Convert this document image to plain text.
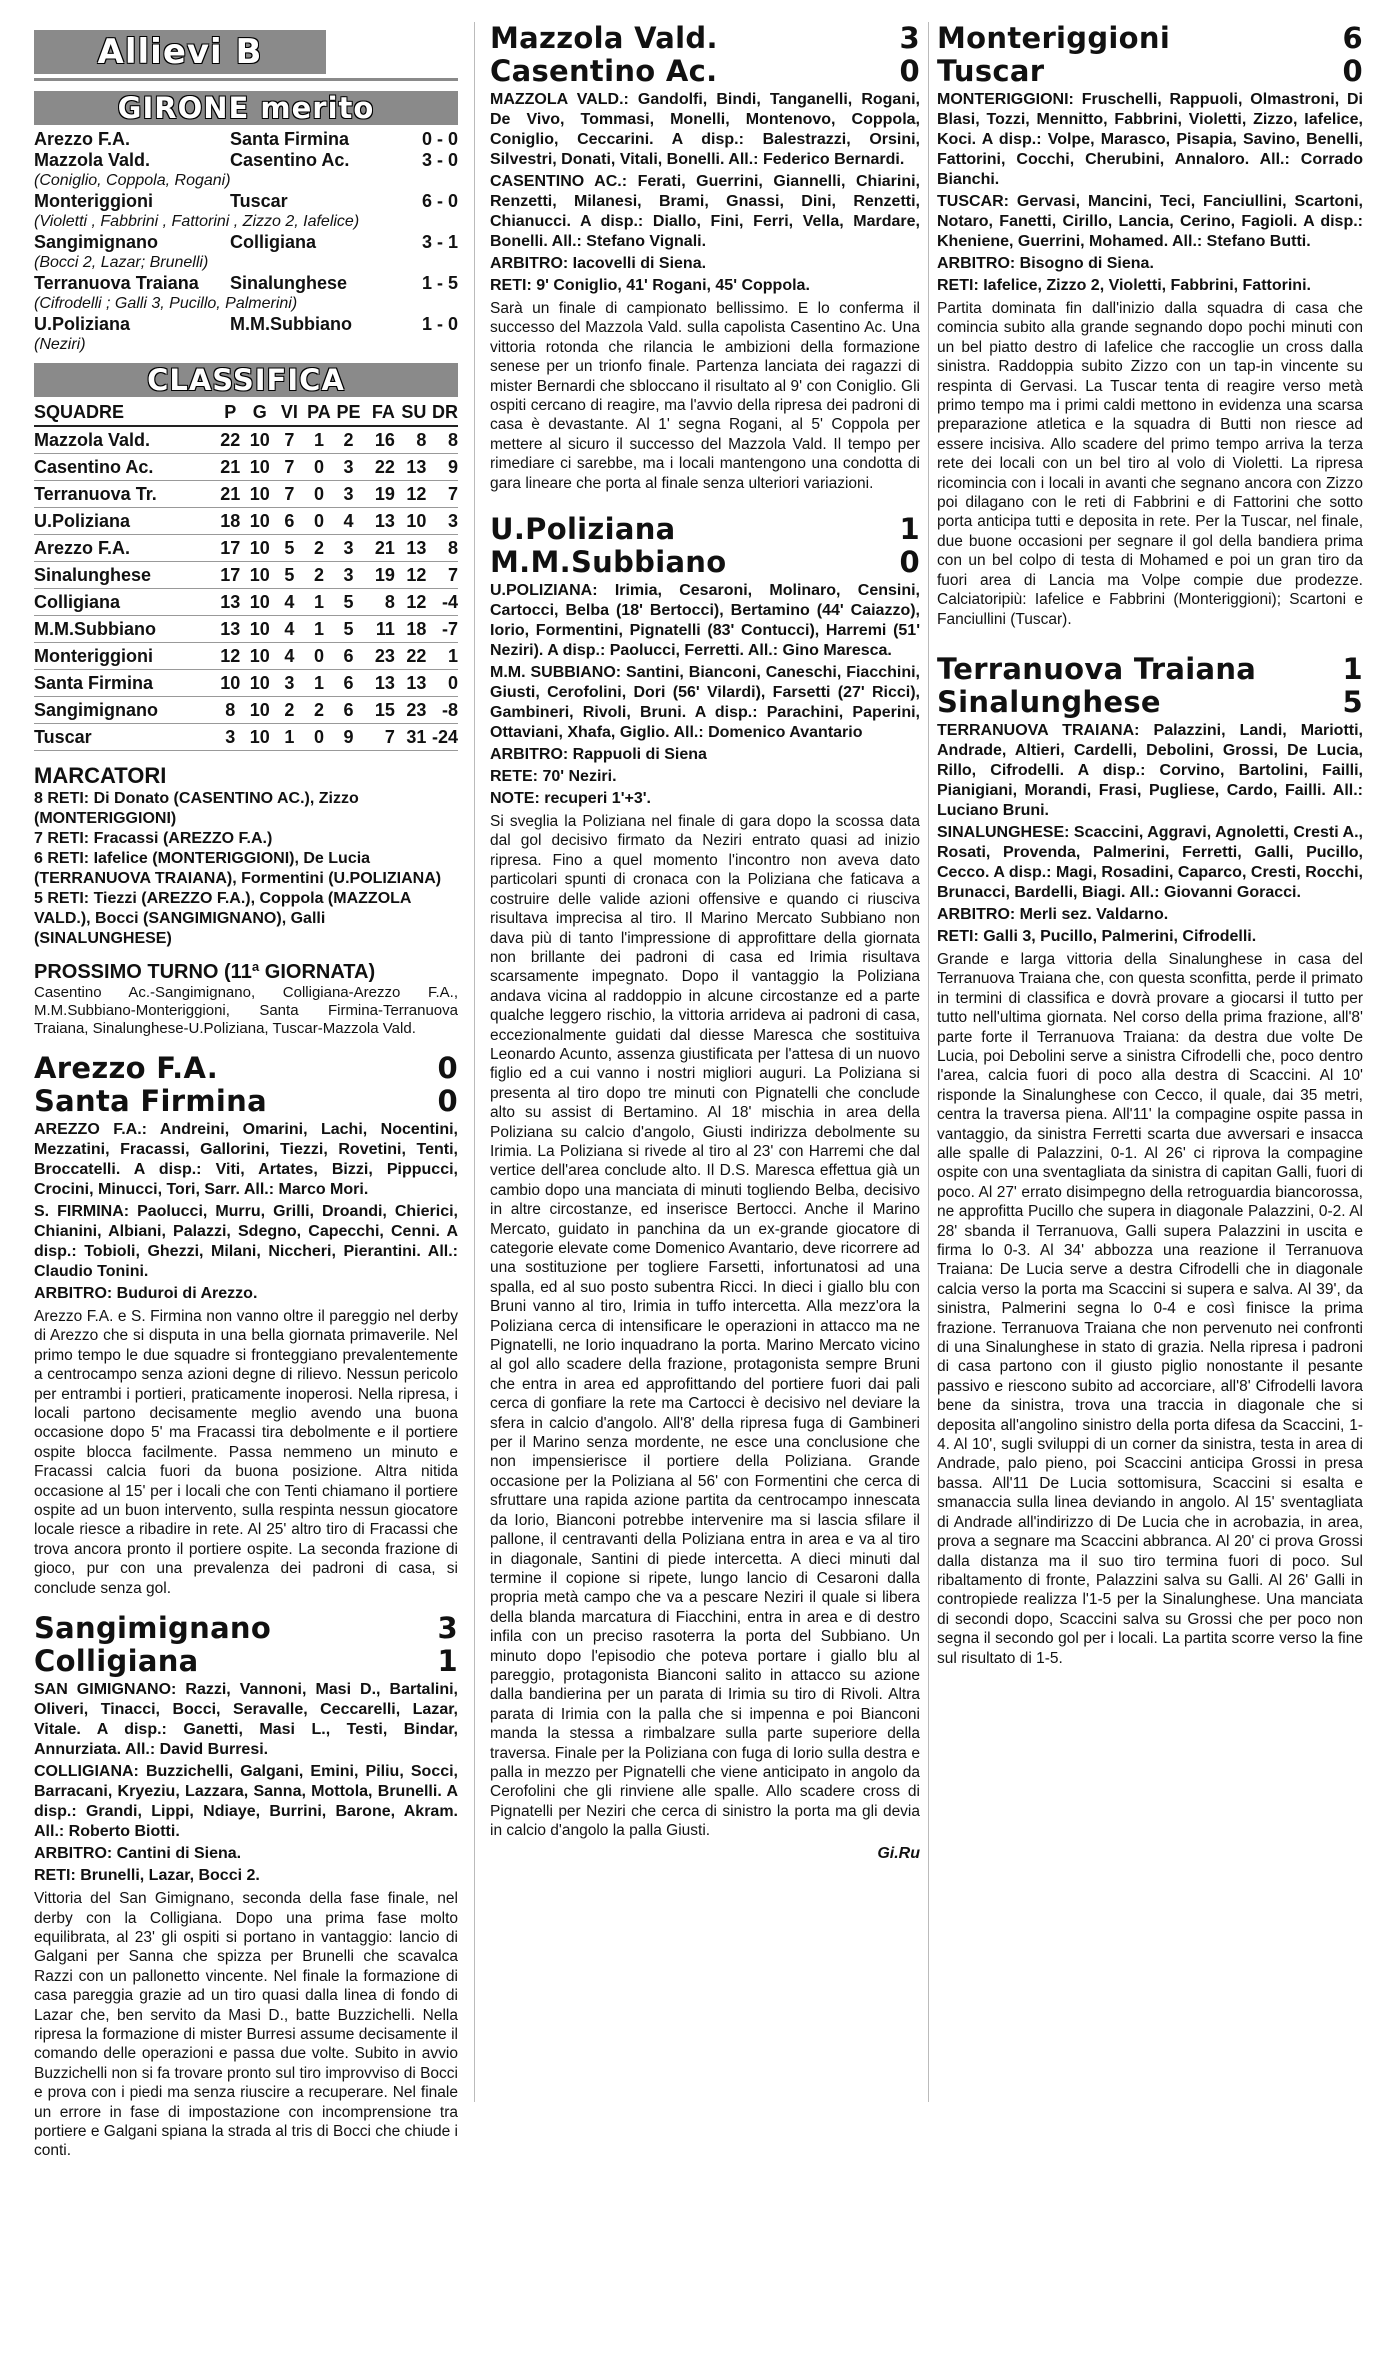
Allievi B
GIRONE merito
Arezzo F.A.	Santa Firmina	0 - 0
Mazzola Vald.	Casentino Ac.	3 - 0
(Coniglio, Coppola, Rogani)
Monteriggioni	Tuscar	6 - 0
(Violetti , Fabbrini , Fattorini , Zizzo 2, Iafelice)
Sangimignano	Colligiana	3 - 1
(Bocci 2, Lazar; Brunelli)
Terranuova Traiana	Sinalunghese	1 - 5
(Cifrodelli ; Galli 3, Pucillo, Palmerini)
U.Poliziana	M.M.Subbiano	1 - 0
(Neziri)
CLASSIFICA
SQUADRE	P G VI PA PE FA SU DR
Mazzola Vald.	22 10 7	1	2	16	8	8
Casentino Ac.	21 10 7	0	3	22 13	9
Terranuova Tr.	21 10 7	0	3	19 12	7
U.Poliziana	18 10 6	0	4	13 10	3
Arezzo F.A.	17 10 5	2	3	21 13	8
Sinalunghese	17 10 5	2	3	19 12	7
Colligiana	13 10 4	1	5	8 12 -4
M.M.Subbiano	13 10 4	1	5	11 18 -7
Monteriggioni	12 10 4	0	6	23 22	1
Santa Firmina	10 10 3	1	6	13 13	0
Sangimignano	8 10 2	2	6	15 23 -8
Tuscar	3 10 1	0	9	7 31 -24
MARCATORI
8 RETI: Di Donato (CASENTINO AC.), Zizzo (MONTERIGGIONI)
7 RETI: Fracassi (AREZZO F.A.)
6 RETI: Iafelice (MONTERIGGIONI), De Lucia (TERRANUOVA TRAIANA), Formentini (U.POLIZIANA)
5 RETI: Tiezzi (AREZZO F.A.), Coppola (MAZZOLA VALD.), Bocci (SANGIMIGNANO), Galli (SINALUNGHESE)
PROSSIMO TURNO (11ª GIORNATA)
Casentino Ac.-Sangimignano, Colligiana-Arezzo F.A., M.M.Subbiano-Monteriggioni, Santa Firmina-Terranuova Traiana, Sinalunghese-U.Poliziana, Tuscar-Mazzola Vald.
Arezzo F.A.	0
Santa Firmina	0
AREZZO F.A.: Andreini, Omarini, Lachi, Nocentini, Mezzatini, Fracassi, Gallorini, Tiezzi, Rovetini, Tenti, Broccatelli. A disp.: Viti, Artates, Bizzi, Pippucci, Crocini, Minucci, Tori, Sarr. All.: Marco Mori.
S. FIRMINA: Paolucci, Murru, Grilli, Droandi, Chierici, Chianini, Albiani, Palazzi, Sdegno, Capecchi, Cenni. A disp.: Tobioli, Ghezzi, Milani, Niccheri, Pierantini. All.: Claudio Tonini.
ARBITRO: Buduroi di Arezzo.
Arezzo F.A. e S. Firmina non vanno oltre il pareggio nel derby di Arezzo che si disputa in una bella giornata primaverile. Nel primo tempo le due squadre si fronteggiano prevalentemente a centrocampo senza azioni degne di rilievo. Nessun pericolo per entrambi i portieri, praticamente inoperosi. Nella ripresa, i locali partono decisamente meglio avendo una buona occasione dopo 5' ma Fracassi tira debolmente e il portiere ospite blocca facilmente. Passa nemmeno un minuto e Fracassi calcia fuori da buona posizione. Altra nitida occasione al 15' per i locali che con Tenti chiamano il portiere ospite ad un buon intervento, sulla respinta nessun giocatore locale riesce a ribadire in rete. Al 25' altro tiro di Fracassi che trova ancora pronto il portiere ospite. La seconda frazione di gioco, pur con una prevalenza dei padroni di casa, si conclude senza gol.
Sangimignano	3
Colligiana	1
SAN GIMIGNANO: Razzi, Vannoni, Masi D., Bartalini, Oliveri, Tinacci, Bocci, Seravalle, Ceccarelli, Lazar, Vitale. A disp.: Ganetti, Masi L., Testi, Bindar, Annurziata. All.: David Burresi.
COLLIGIANA: Buzzichelli, Galgani, Emini, Piliu, Socci, Barracani, Kryeziu, Lazzara, Sanna, Mottola, Brunelli. A disp.: Grandi, Lippi, Ndiaye, Burrini, Barone, Akram. All.: Roberto Biotti.
ARBITRO: Cantini di Siena.
RETI: Brunelli, Lazar, Bocci 2.
Vittoria del San Gimignano, seconda della fase finale, nel derby con la Colligiana. Dopo una prima fase molto equilibrata, al 23' gli ospiti si portano in vantaggio: lancio di Galgani per Sanna che spizza per Brunelli che scavalca Razzi con un pallonetto vincente. Nel finale la formazione di casa pareggia grazie ad un tiro quasi dalla linea di fondo di Lazar che, ben servito da Masi D., batte Buzzichelli. Nella ripresa la formazione di mister Burresi assume decisamente il comando delle operazioni e passa due volte. Subito in avvio Buzzichelli non si fa trovare pronto sul tiro improvviso di Bocci e prova con i piedi ma senza riuscire a recuperare. Nel finale un errore in fase di impostazione con incomprensione tra portiere e Galgani spiana la strada al tris di Bocci che chiude i conti.
Mazzola Vald.	3
Casentino Ac.	0
MAZZOLA VALD.: Gandolfi, Bindi, Tanganelli, Rogani, De Vivo, Tommasi, Monelli, Montenovo, Coppola, Coniglio, Ceccarini. A disp.: Balestrazzi, Orsini, Silvestri, Donati, Vitali, Bonelli. All.: Federico Bernardi.
CASENTINO AC.: Ferati, Guerrini, Giannelli, Chiarini, Renzetti, Milanesi, Brami, Gnassi, Dini, Renzetti, Chianucci. A disp.: Diallo, Fini, Ferri, Vella, Mardare, Bonelli. All.: Stefano Vignali.
ARBITRO: Iacovelli di Siena.
RETI: 9' Coniglio, 41' Rogani, 45' Coppola.
Sarà un finale di campionato bellissimo. E lo conferma il successo del Mazzola Vald. sulla capolista Casentino Ac. Una vittoria rotonda che rilancia le ambizioni della formazione senese per un trionfo finale. Partenza lanciata dei ragazzi di mister Bernardi che sbloccano il risultato al 9' con Coniglio. Gli ospiti cercano di reagire, ma l'avvio della ripresa dei padroni di casa è devastante. Al 1' segna Rogani, al 5' Coppola per mettere al sicuro il successo del Mazzola Vald. Il tempo per rimediare ci sarebbe, ma i locali mantengono una condotta di gara lineare che porta al finale senza ulteriori variazioni.
U.Poliziana	1
M.M.Subbiano	0
U.POLIZIANA: Irimia, Cesaroni, Molinaro, Censini, Cartocci, Belba (18' Bertocci), Bertamino (44' Caiazzo), Iorio, Formentini, Pignatelli (83' Contucci), Harremi (51' Neziri). A disp.: Paolucci, Ferretti. All.: Gino Maresca.
M.M. SUBBIANO: Santini, Bianconi, Caneschi, Fiacchini, Giusti, Cerofolini, Dori (56' Vilardi), Farsetti (27' Ricci), Gambineri, Rivoli, Bruni. A disp.: Parachini, Paperini, Ottaviani, Xhafa, Giglio. All.: Domenico Avantario
ARBITRO: Rappuoli di Siena
RETE: 70' Neziri.
NOTE: recuperi 1'+3'.
Si sveglia la Poliziana nel finale di gara dopo la scossa data dal gol decisivo firmato da Neziri entrato quasi ad inizio ripresa. Fino a quel momento l'incontro non aveva dato particolari spunti di cronaca con la Poliziana che faticava a costruire delle valide azioni offensive e quando ci riusciva risultava imprecisa al tiro. Il Marino Mercato Subbiano non dava più di tanto l'impressione di approfittare della giornata non brillante dei padroni di casa ed Irimia risultava scarsamente impegnato. Dopo il vantaggio la Poliziana andava vicina al raddoppio in alcune circostanze ed a parte qualche leggero rischio, la vittoria arrideva ai padroni di casa, eccezionalmente guidati dal diesse Maresca che sostituiva Leonardo Acunto, assenza giustificata per l'attesa di un nuovo figlio ed a cui vanno i nostri migliori auguri. La Poliziana si presenta al tiro dopo tre minuti con Pignatelli che conclude alto su assist di Bertamino. Al 18' mischia in area della Poliziana su calcio d'angolo, Giusti indirizza debolmente su Irimia. La Poliziana si rivede al tiro al 23' con Harremi che dal vertice dell'area conclude alto. Il D.S. Maresca effettua già un cambio dopo una manciata di minuti togliendo Belba, decisivo in altre circostanze, ed inserisce Bertocci. Anche il Marino Mercato, guidato in panchina da un ex-grande giocatore di categorie elevate come Domenico Avantario, deve ricorrere ad una sostituzione per togliere Farsetti, infortunatosi ad una spalla, ed al suo posto subentra Ricci. In dieci i giallo blu con Bruni vanno al tiro, Irimia in tuffo intercetta. Alla mezz'ora la Poliziana cerca di intensificare le operazioni in attacco ma ne Pignatelli, ne Iorio inquadrano la porta. Marino Mercato vicino al gol allo scadere della frazione, protagonista sempre Bruni che entra in area ed approfittando del portiere fuori dai pali cerca di gonfiare la rete ma Cartocci è decisivo nel deviare la sfera in calcio d'angolo. All'8' della ripresa fuga di Gambineri per il Marino senza mordente, ne esce una conclusione che non impensierisce il portiere della Poliziana. Grande occasione per la Poliziana al 56' con Formentini che cerca di sfruttare una rapida azione partita da centrocampo innescata da Iorio, Bianconi potrebbe intervenire ma si lascia sfilare il pallone, il centravanti della Poliziana entra in area e va al tiro in diagonale, Santini di piede intercetta. A dieci minuti dal termine il copione si ripete, lungo lancio di Cesaroni dalla propria metà campo che va a pescare Neziri il quale si libera della blanda marcatura di Fiacchini, entra in area e di destro infila con un preciso rasoterra la porta del Subbiano. Un minuto dopo l'episodio che poteva portare i giallo blu al pareggio, protagonista Bianconi salito in attacco su azione dalla bandierina per un parata di Irimia su tiro di Rivoli. Altra parata di Irimia con la palla che si impenna e poi Bianconi manda la stessa a rimbalzare sulla parte superiore della traversa. Finale per la Poliziana con fuga di Iorio sulla destra e palla in mezzo per Pignatelli che viene anticipato in angolo da Cerofolini che gli rinviene alle spalle. Allo scadere cross di Pignatelli per Neziri che cerca di sinistro la porta ma gli devia in calcio d'angolo la palla Giusti.
Gi.Ru
Monteriggioni	6
Tuscar	0
MONTERIGGIONI: Fruschelli, Rappuoli, Olmastroni, Di Blasi, Tozzi, Mennitto, Fabbrini, Violetti, Zizzo, Iafelice, Koci. A disp.: Volpe, Marasco, Pisapia, Savino, Benelli, Fattorini, Cocchi, Cherubini, Annaloro. All.: Corrado Bianchi.
TUSCAR: Gervasi, Mancini, Teci, Fanciullini, Scartoni, Notaro, Fanetti, Cirillo, Lancia, Cerino, Fagioli. A disp.: Kheniene, Guerrini, Mohamed. All.: Stefano Butti.
ARBITRO: Bisogno di Siena.
RETI: Iafelice, Zizzo 2, Violetti, Fabbrini, Fattorini.
Partita dominata fin dall'inizio dalla squadra di casa che comincia subito alla grande segnando dopo pochi minuti con un bel piatto destro di Iafelice che raccoglie un cross dalla sinistra. Raddoppia subito Zizzo con un tap-in vincente su respinta di Gervasi. La Tuscar tenta di reagire verso metà primo tempo ma i primi caldi mettono in evidenza una scarsa preparazione atletica e la squadra di Butti non riesce ad essere incisiva. Allo scadere del primo tempo arriva la terza rete dei locali con un bel tiro al volo di Violetti. La ripresa ricomincia con i locali in avanti che segnano ancora con Zizzo poi dilagano con le reti di Fabbrini e di Fattorini che sotto porta anticipa tutti e deposita in rete. Per la Tuscar, nel finale, due buone occasioni per segnare il gol della bandiera prima con un bel colpo di testa di Mohamed e poi un gran tiro da fuori area di Lancia ma Volpe compie due prodezze. Calciatoripiù: Iafelice e Fabbrini (Monteriggioni); Scartoni e Fanciullini (Tuscar).
Terranuova Traiana	1
Sinalunghese	5
TERRANUOVA TRAIANA: Palazzini, Landi, Mariotti, Andrade, Altieri, Cardelli, Debolini, Grossi, De Lucia, Rillo, Cifrodelli. A disp.: Corvino, Bartolini, Failli, Pianigiani, Morandi, Frasi, Pugliese, Cardo, Failli. All.: Luciano Bruni.
SINALUNGHESE: Scaccini, Aggravi, Agnoletti, Cresti A., Rosati, Provenda, Palmerini, Ferretti, Galli, Pucillo, Cecco. A disp.: Magi, Rosadini, Caparco, Cresti, Rocchi, Brunacci, Bardelli, Biagi. All.: Giovanni Goracci.
ARBITRO: Merli sez. Valdarno.
RETI: Galli 3, Pucillo, Palmerini, Cifrodelli.
Grande e larga vittoria della Sinalunghese in casa del Terranuova Traiana che, con questa sconfitta, perde il primato in termini di classifica e dovrà provare a giocarsi il tutto per tutto nell'ultima giornata. Nel corso della prima frazione, all'8' parte forte il Terranuova Traiana: da destra due volte De Lucia, poi Debolini serve a sinistra Cifrodelli che, poco dentro l'area, calcia fuori di poco alla destra di Scaccini. Al 10' risponde la Sinalunghese con Cecco, il quale, dai 35 metri, centra la traversa piena. All'11' la compagine ospite passa in vantaggio, da sinistra Ferretti scarta due avversari e insacca alle spalle di Palazzini, 0-1. Al 26' ci riprova la compagine ospite con una sventagliata da sinistra di capitan Galli, fuori di poco. Al 27' errato disimpegno della retroguardia biancorossa, ne approfitta Pucillo che supera in diagonale Palazzini, 0-2. Al 28' sbanda il Terranuova, Galli supera Palazzini in uscita e firma lo 0-3. Al 34' abbozza una reazione il Terranuova Traiana: De Lucia serve a destra Cifrodelli che in diagonale calcia verso la porta ma Scaccini si supera e salva. Al 39', da sinistra, Palmerini segna lo 0-4 e così finisce la prima frazione. Terranuova Traiana che non pervenuto nei confronti di una Sinalunghese in stato di grazia. Nella ripresa i padroni di casa partono con il giusto piglio nonostante il pesante passivo e riescono subito ad accorciare, all'8' Cifrodelli lavora bene da sinistra, trova una traccia in diagonale che si deposita all'angolino sinistro della porta difesa da Scaccini, 1-4. Al 10', sugli sviluppi di un corner da sinistra, testa in area di Andrade, palo pieno, poi Scaccini anticipa Grossi in presa bassa. All'11 De Lucia sottomisura, Scaccini si esalta e smanaccia sulla linea deviando in angolo. Al 15' sventagliata di Andrade all'indirizzo di De Lucia che in acrobazia, in area, prova a segnare ma Scaccini abbranca. Al 20' ci prova Grossi dalla distanza ma il suo tiro termina fuori di poco. Sul ribaltamento di fronte, Palazzini salva su Galli. Al 26' Galli in contropiede realizza l'1-5 per la Sinalunghese. Una manciata di secondi dopo, Scaccini salva su Grossi che per poco non segna il secondo gol per i locali. La partita scorre verso la fine sul risultato di 1-5.
